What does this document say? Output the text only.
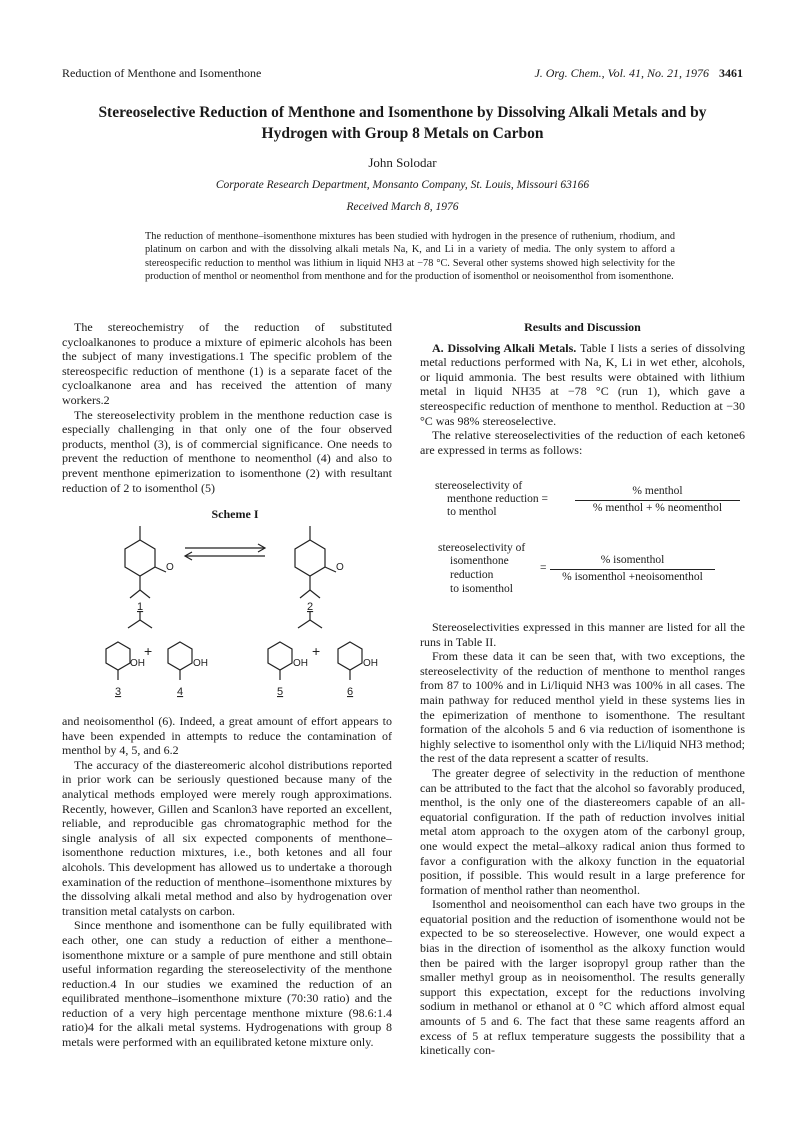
Reduction of Menthone and Isomenthone	J. Org. Chem., Vol. 41, No. 21, 1976 3461
Stereoselective Reduction of Menthone and Isomenthone by Dissolving Alkali Metals and by Hydrogen with Group 8 Metals on Carbon
John Solodar
Corporate Research Department, Monsanto Company, St. Louis, Missouri 63166
Received March 8, 1976
The reduction of menthone–isomenthone mixtures has been studied with hydrogen in the presence of ruthenium, rhodium, and platinum on carbon and with the dissolving alkali metals Na, K, and Li in a variety of media. The only system to afford a stereospecific reduction to menthol was lithium in liquid NH3 at −78 °C. Several other systems showed high selectivity for the production of menthol or neomenthol from menthone and for the production of isomenthol or neoisomenthol from isomenthone.

The stereochemistry of the reduction of substituted cycloalkanones to produce a mixture of epimeric alcohols has been the subject of many investigations.1 The specific problem of the stereospecific reduction of menthone (1) is a separate facet of the cycloalkanone area and has received the attention of many workers.2

The stereoselectivity problem in the menthone reduction case is especially challenging in that only one of the four observed products, menthol (3), is of commercial significance. One needs to prevent the reduction of menthone to neomenthol (4) and also to prevent menthone epimerization to isomenthone (2) with resultant reduction of 2 to isomenthol (5)

Scheme I
O	O
OH	OH	OH	OH
+	+
1	2
3	4	5	6

and neoisomenthol (6). Indeed, a great amount of effort appears to have been expended in attempts to reduce the contamination of menthol by 4, 5, and 6.2

The accuracy of the diastereomeric alcohol distributions reported in prior work can be seriously questioned because many of the analytical methods employed were merely rough approximations. Recently, however, Gillen and Scanlon3 have reported an excellent, reliable, and reproducible gas chromatographic method for the single analysis of all six expected components of menthone–isomenthone reduction mixtures, i.e., both ketones and all four alcohols. This development has allowed us to undertake a thorough examination of the reduction of menthone–isomenthone mixtures by the dissolving alkali metal method and also by hydrogenation over transition metal catalysts on carbon.

Since menthone and isomenthone can be fully equilibrated with each other, one can study a reduction of either a menthone–isomenthone mixture or a sample of pure menthone and still obtain useful information regarding the stereoselectivity of the menthone reduction.4 In our studies we examined the reduction of an equilibrated menthone–isomenthone mixture (70:30 ratio) and the reduction of a very high percentage menthone mixture (98.6:1.4 ratio)4 for the alkali metal systems. Hydrogenations with group 8 metals were performed with an equilibrated ketone mixture only.

Results and Discussion

A. Dissolving Alkali Metals. Table I lists a series of dissolving metal reductions performed with Na, K, Li in wet ether, alcohols, or liquid ammonia. The best results were obtained with lithium metal in liquid NH35 at −78 °C (run 1), which gave a stereospecific reduction of menthone to menthol. Reduction at −30 °C was 98% stereoselective.

The relative stereoselectivities of the reduction of each ketone6 are expressed in terms as follows:

stereoselectivity of
menthone reduction =
to menthol
% menthol
% menthol + % neomenthol
stereoselectivity of
isomenthone
reduction
to isomenthol
=
% isomenthol
% isomenthol +neoisomenthol

Stereoselectivities expressed in this manner are listed for all the runs in Table II.

From these data it can be seen that, with two exceptions, the stereoselectivity of the reduction of menthone to menthol ranges from 87 to 100% and in Li/liquid NH3 was 100% in all cases. The main pathway for reduced menthol yield in these systems lies in the epimerization of menthone to isomenthone. The resultant formation of the alcohols 5 and 6 via reduction of isomenthone is highly selective to isomenthol only with the Li/liquid NH3 method; the rest of the data represent a scatter of results.

The greater degree of selectivity in the reduction of menthone can be attributed to the fact that the alcohol so favorably produced, menthol, is the only one of the diastereomers capable of an all-equatorial configuration. If the path of reduction involves initial metal atom approach to the oxygen atom of the carbonyl group, one would expect the metal–alkoxy radical anion thus formed to favor a configuration with the alkoxy function in the equatorial position, if possible. This would result in a large preference for formation of menthol rather than neomenthol.

Isomenthol and neoisomenthol can each have two groups in the equatorial position and the reduction of isomenthone would not be expected to be so stereoselective. However, one would expect a bias in the direction of isomenthol as the alkoxy function would then be paired with the larger isopropyl group rather than the smaller methyl group as in neoisomenthol. The results generally support this expectation, except for the reductions involving sodium in methanol or ethanol at 0 °C which afford almost equal amounts of 5 and 6. The fact that these same reagents afford an excess of 5 at reflux temperature suggests the possibility that a kinetically con-
